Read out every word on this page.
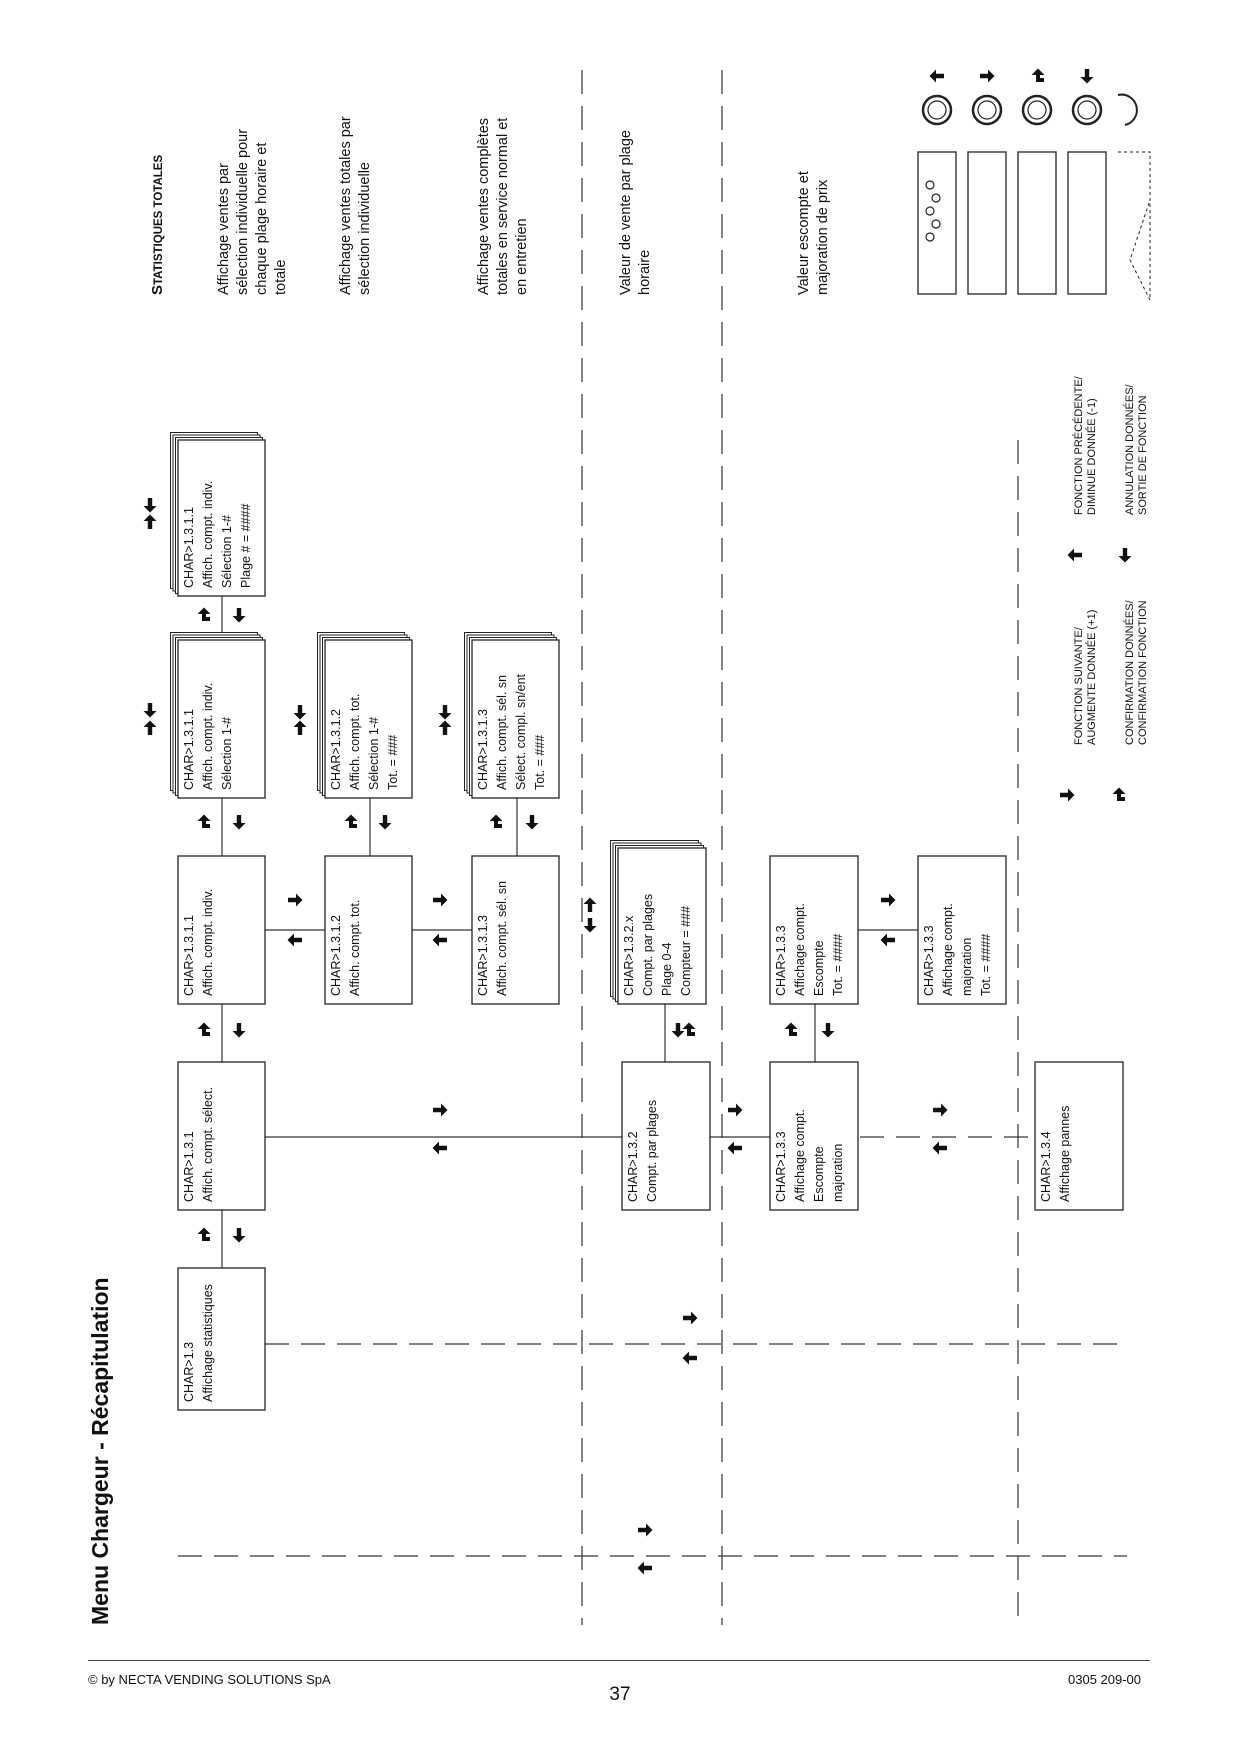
Menu Chargeur - Récapitulation	CHAR>1.3 Affichage statistiques
CHAR>1.3.1 Affich. compt. sélect.
CHAR>1.3.1.1 Affich. compt. indiv.
CHAR>1.3.1.1 Affich. compt. indiv. Sélection 1-#
CHAR>1.3.1.1 Affich. compt. indiv. Sélection 1-# Plage # = ####
CHAR>1.3.1.2 Affich. compt. tot.
CHAR>1.3.1.2 Affich. compt. tot. Sélection 1-# Tot. = ###
CHAR>1.3.1.3 Affich. compt. sél. sn
CHAR>1.3.1.3 Affich. compt. sél. sn Sélect. compl. sn/ent Tot. = ###
CHAR>1.3.2 Compt. par plages
CHAR>1.3.2.x Compt. par plages Plage 0-4 Compteur = ###
CHAR>1.3.3 Affichage compt. Escompte majoration
CHAR>1.3.3 Affichage compt. Escompte Tot. = ####	CHAR>1.3.3 Affichage compt. majoration Tot. = ####
CHAR>1.3.4 Affichage pannes
STATISTIQUES TOTALES	Affichage ventes par sélection individuelle pour chaque plage horaire et totale	Affichage ventes totales par sélection individuelle	Affichage ventes complètes totales en service normal et en entretien	Valeur de vente par plage horaire	Valeur escompte et majoration de prix
FONCTION SUIVANTE/ AUGMENTE DONNÉE (+1)
FONCTION PRÉCÉDENTE/ DIMINUE DONNÉE (-1)
CONFIRMATION DONNÉES/ CONFIRMATION FONCTION
ANNULATION DONNÉES/ SORTIE DE FONCTION
© by NECTA VENDING SOLUTIONS SpA
37
0305 209-00
